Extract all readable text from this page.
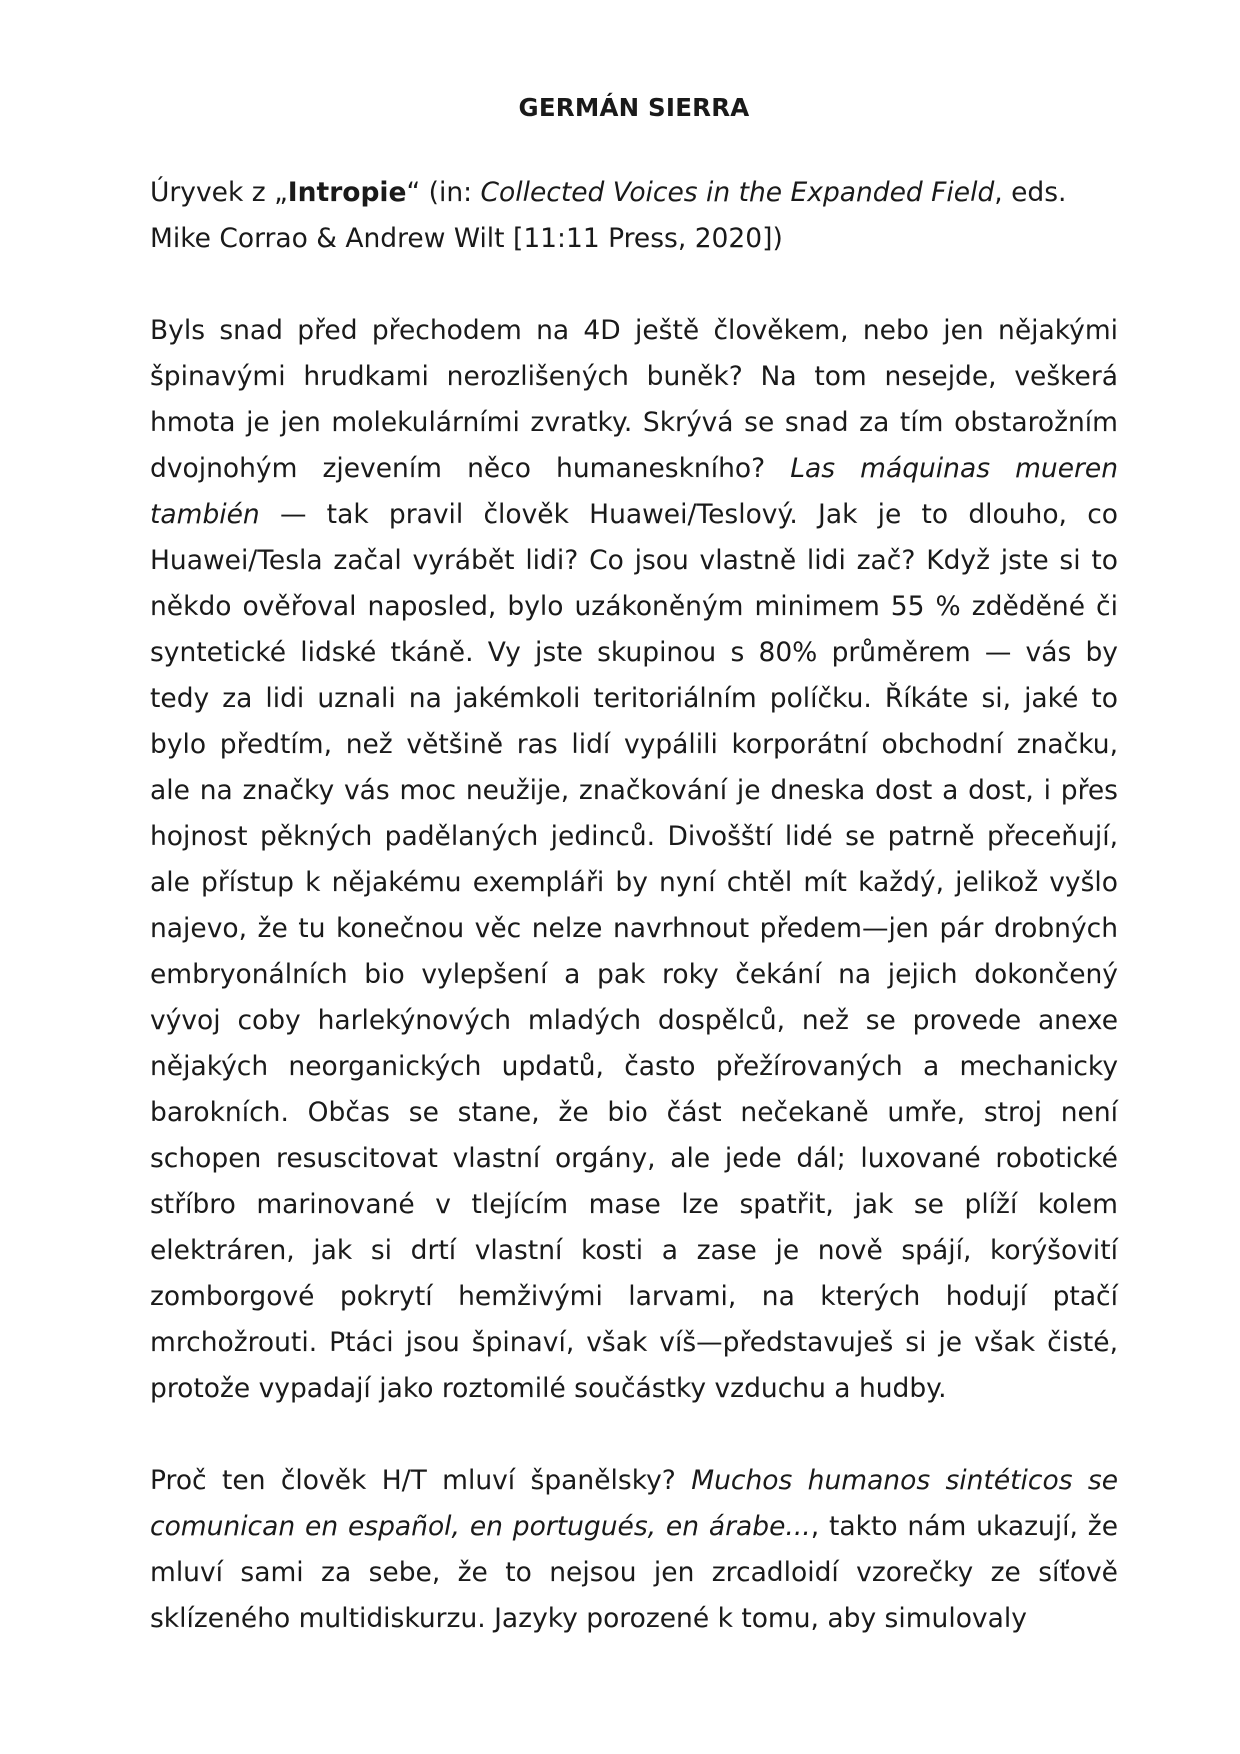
GERMÁN SIERRA

Úryvek z „Intropie“ (in: Collected Voices in the Expanded Field, eds. Mike Corrao & Andrew Wilt [11:11 Press, 2020])

Byls snad před přechodem na 4D ještě člověkem, nebo jen nějakými špinavými hrudkami nerozlišených buněk? Na tom nesejde, veškerá hmota je jen molekulárními zvratky. Skrývá se snad za tím obstarožním dvojnohým zjevením něco humaneskního? Las máquinas mueren también — tak pravil člověk Huawei/Teslový. Jak je to dlouho, co Huawei/Tesla začal vyrábět lidi? Co jsou vlastně lidi zač? Když jste si to někdo ověřoval naposled, bylo uzákoněným minimem 55 % zděděné či syntetické lidské tkáně. Vy jste skupinou s 80% průměrem — vás by tedy za lidi uznali na jakémkoli teritoriálním políčku. Říkáte si, jaké to bylo předtím, než většině ras lidí vypálili korporátní obchodní značku, ale na značky vás moc neužije, značkování je dneska dost a dost, i přes hojnost pěkných padělaných jedinců. Divošští lidé se patrně přeceňují, ale přístup k nějakému exempláři by nyní chtěl mít každý, jelikož vyšlo najevo, že tu konečnou věc nelze navrhnout předem—jen pár drobných embryonálních bio vylepšení a pak roky čekání na jejich dokončený vývoj coby harlekýnových mladých dospělců, než se provede anexe nějakých neorganických updatů, často přežírovaných a mechanicky barokních. Občas se stane, že bio část nečekaně umře, stroj není schopen resuscitovat vlastní orgány, ale jede dál; luxované robotické stříbro marinované v tlejícím mase lze spatřit, jak se plíží kolem elektráren, jak si drtí vlastní kosti a zase je nově spájí, korýšovití zomborgové pokrytí hemživými larvami, na kterých hodují ptačí mrchožrouti. Ptáci jsou špinaví, však víš—představuješ si je však čisté, protože vypadají jako roztomilé součástky vzduchu a hudby.

Proč ten člověk H/T mluví španělsky? Muchos humanos sintéticos se comunican en español, en portugués, en árabe..., takto nám ukazují, že mluví sami za sebe, že to nejsou jen zrcadloidí vzorečky ze síťově sklízeného multidiskurzu. Jazyky porozené k tomu, aby simulovaly
